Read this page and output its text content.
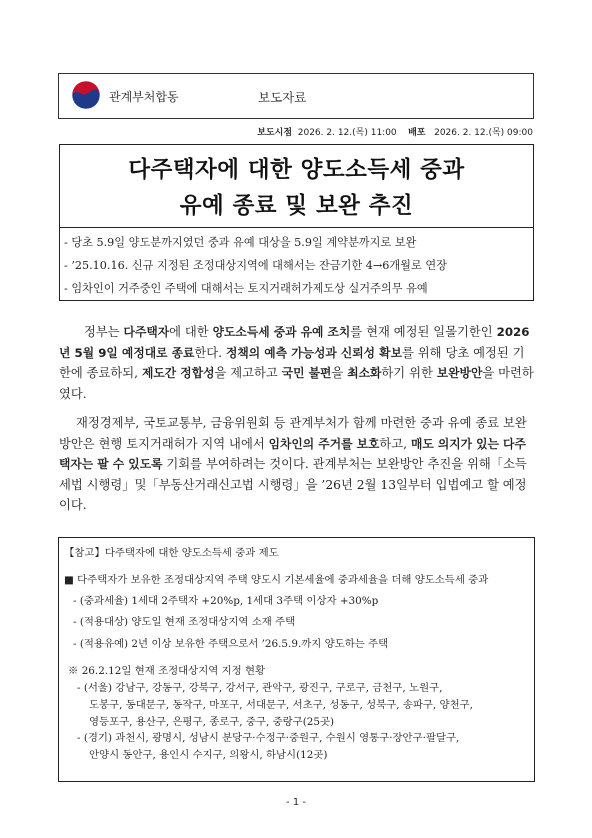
관계부처합동	보도자료
보도시점 2026. 2. 12.(목) 11:00 배포 2026. 2. 12.(목) 09:00
다주택자에 대한 양도소득세 중과
유예 종료 및 보완 추진
- 당초 5.9일 양도분까지였던 중과 유예 대상을 5.9일 계약분까지로 보완
- ’25.10.16. 신규 지정된 조정대상지역에 대해서는 잔금기한 4→6개월로 연장
- 임차인이 거주중인 주택에 대해서는 토지거래허가제도상 실거주의무 유예
정부는 다주택자에 대한 양도소득세 중과 유예 조치를 현재 예정된 일몰기한인 2026년 5월 9일 예정대로 종료한다. 정책의 예측 가능성과 신뢰성 확보를 위해 당초 예정된 기한에 종료하되, 제도간 정합성을 제고하고 국민 불편을 최소화하기 위한 보완방안을 마련하였다.
재정경제부, 국토교통부, 금융위원회 등 관계부처가 함께 마련한 중과 유예 종료 보완방안은 현행 토지거래허가 지역 내에서 임차인의 주거를 보호하고, 매도 의지가 있는 다주택자는 팔 수 있도록 기회를 부여하려는 것이다. 관계부처는 보완방안 추진을 위해「소득세법 시행령」및「부동산거래신고법 시행령」을 ’26년 2월 13일부터 입법예고 할 예정이다.
【참고】다주택자에 대한 양도소득세 중과 제도
■ 다주택자가 보유한 조정대상지역 주택 양도시 기본세율에 중과세율을 더해 양도소득세 중과
- (중과세율) 1세대 2주택자 +20%p, 1세대 3주택 이상자 +30%p
- (적용대상) 양도일 현재 조정대상지역 소재 주택
- (적용유예) 2년 이상 보유한 주택으로서 ’26.5.9.까지 양도하는 주택
※ 26.2.12일 현재 조정대상지역 지정 현황
- (서울) 강남구, 강동구, 강북구, 강서구, 관악구, 광진구, 구로구, 금천구, 노원구,
도봉구, 동대문구, 동작구, 마포구, 서대문구, 서초구, 성동구, 성북구, 송파구, 양천구,
영등포구, 용산구, 은평구, 종로구, 중구, 중랑구(25곳)
- (경기) 과천시, 광명시, 성남시 분당구·수정구·중원구, 수원시 영통구·장안구·팔달구,
안양시 동안구, 용인시 수지구, 의왕시, 하남시(12곳)
- 1 -
